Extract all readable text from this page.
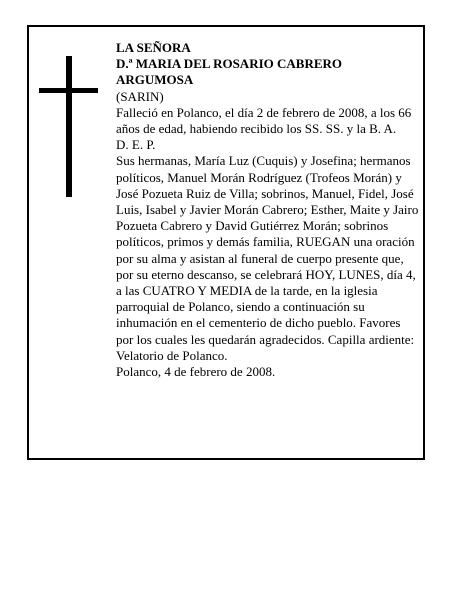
LA SEÑORA

D.ª MARIA DEL ROSARIO CABRERO ARGUMOSA

(SARIN)

Falleció en Polanco, el día 2 de febrero de 2008, a los 66 años de edad, habiendo recibido los SS. SS. y la B. A.

D. E. P.

Sus hermanas, María Luz (Cuquis) y Josefina; hermanos políticos, Manuel Morán Rodríguez (Trofeos Morán) y José Pozueta Ruiz de Villa; sobrinos, Manuel, Fidel, José Luis, Isabel y Javier Morán Cabrero; Esther, Maite y Jairo Pozueta Cabrero y David Gutiérrez Morán; sobrinos políticos, primos y demás familia, RUEGAN una oración por su alma y asistan al funeral de cuerpo presente que, por su eterno descanso, se celebrará HOY, LUNES, día 4, a las CUATRO Y MEDIA de la tarde, en la iglesia parroquial de Polanco, siendo a continuación su inhumación en el cementerio de dicho pueblo. Favores por los cuales les quedarán agradecidos. Capilla ardiente: Velatorio de Polanco.

Polanco, 4 de febrero de 2008.
